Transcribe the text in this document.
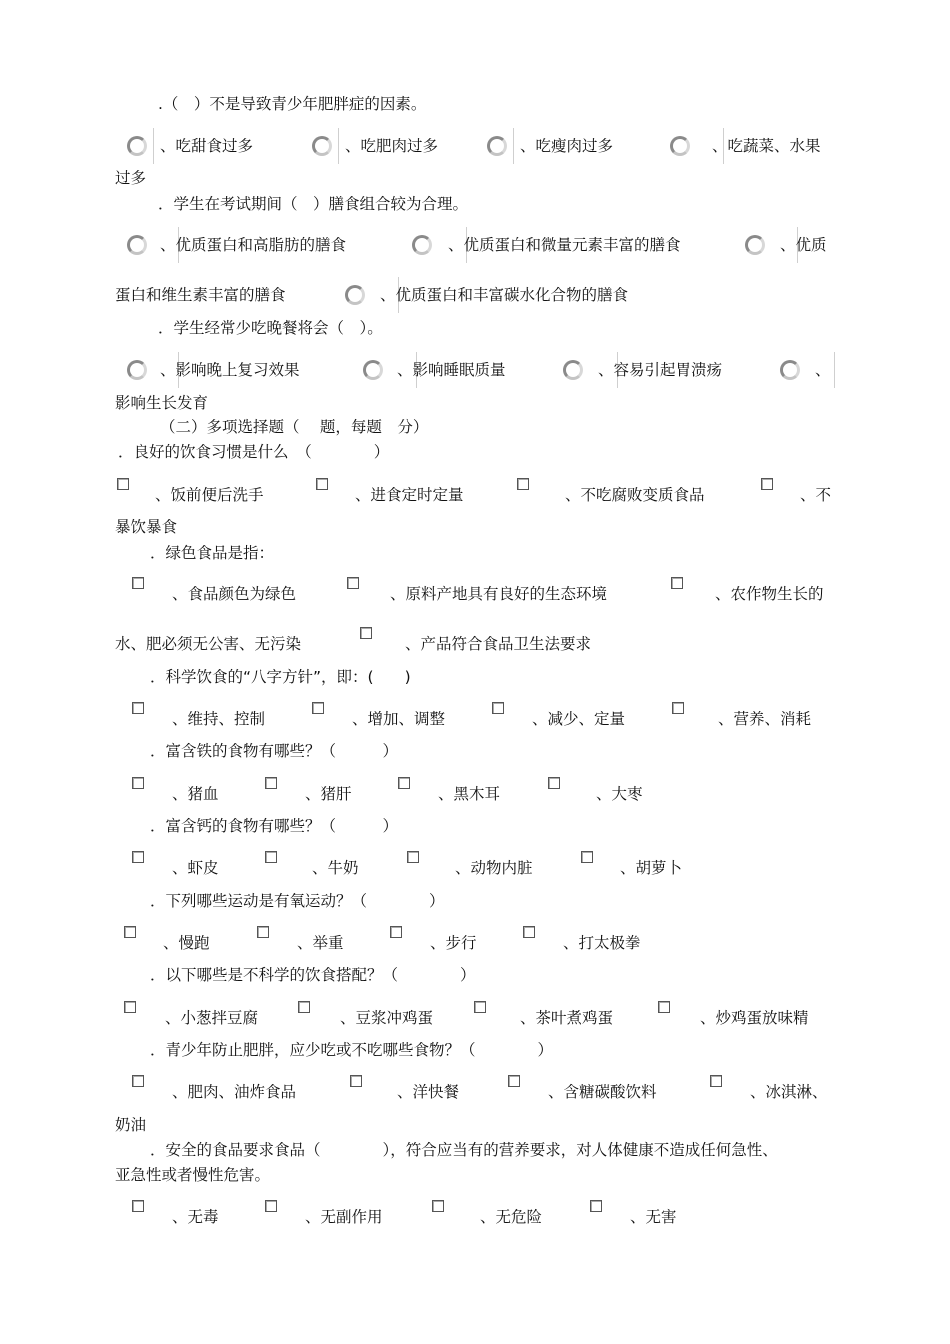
.（　）不是导致青少年肥胖症的因素。
、吃甜食过多	、吃肥肉过多	、吃瘦肉过多	、吃蔬菜、水果
过多
．学生在考试期间（　）膳食组合较为合理。
、优质蛋白和高脂肪的膳食	、优质蛋白和微量元素丰富的膳食	、优质
蛋白和维生素丰富的膳食	、优质蛋白和丰富碳水化合物的膳食
．学生经常少吃晚餐将会（　）。
、影响晚上复习效果	、影响睡眠质量	、容易引起胃溃疡	、
影响生长发育
（二）多项选择题（　 题，每题　分）
．良好的饮食习惯是什么　（　　　　）
、饭前便后洗手	、进食定时定量	、不吃腐败变质食品	、不
暴饮暴食
．绿色食品是指：
、食品颜色为绿色	、原料产地具有良好的生态环境	、农作物生长的
水、肥必须无公害、无污染	、产品符合食品卫生法要求
．科学饮食的“八字方针”，即：(　　)
、维持、控制	、增加、调整	、减少、定量	、营养、消耗
．富含铁的食物有哪些？（　　　）
、猪血	、猪肝	、黑木耳	、大枣
．富含钙的食物有哪些？（　　　）
、虾皮	、牛奶	、动物内脏	、胡萝卜
．下列哪些运动是有氧运动？（　　　　）
、慢跑	、举重	、步行	、打太极拳
．以下哪些是不科学的饮食搭配？（　　　　）
、小葱拌豆腐	、豆浆冲鸡蛋	、茶叶煮鸡蛋	、炒鸡蛋放味精
．青少年防止肥胖，应少吃或不吃哪些食物？（　　　　）
、肥肉、油炸食品	、洋快餐	、含糖碳酸饮料	、冰淇淋、
奶油
．安全的食品要求食品（　　　　），符合应当有的营养要求，对人体健康不造成任何急性、
亚急性或者慢性危害。
、无毒	、无副作用	、无危险	、无害
